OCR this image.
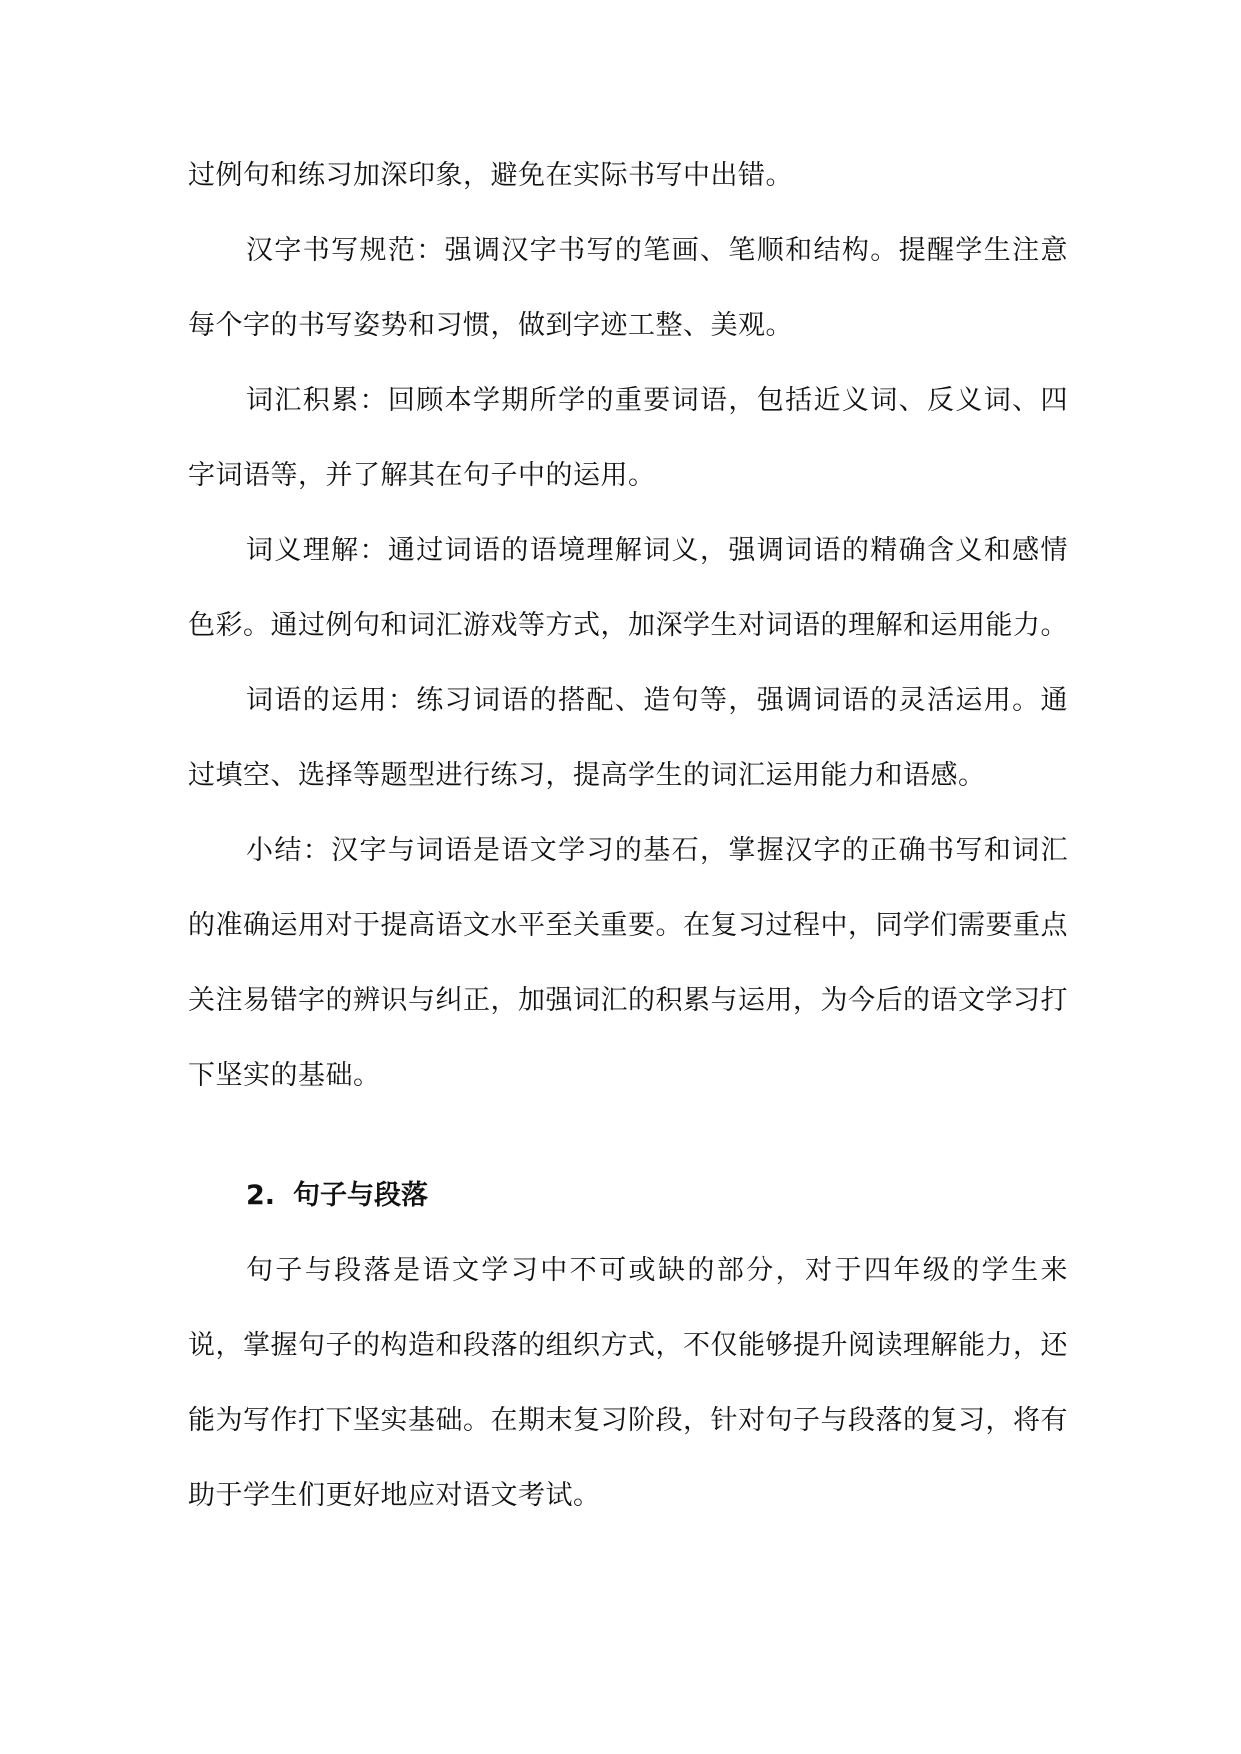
过例句和练习加深印象，避免在实际书写中出错。

汉字书写规范：强调汉字书写的笔画、笔顺和结构。提醒学生注意每个字的书写姿势和习惯，做到字迹工整、美观。

词汇积累：回顾本学期所学的重要词语，包括近义词、反义词、四字词语等，并了解其在句子中的运用。

词义理解：通过词语的语境理解词义，强调词语的精确含义和感情色彩。通过例句和词汇游戏等方式，加深学生对词语的理解和运用能力。

词语的运用：练习词语的搭配、造句等，强调词语的灵活运用。通过填空、选择等题型进行练习，提高学生的词汇运用能力和语感。

小结：汉字与词语是语文学习的基石，掌握汉字的正确书写和词汇的准确运用对于提高语文水平至关重要。在复习过程中，同学们需要重点关注易错字的辨识与纠正，加强词汇的积累与运用，为今后的语文学习打下坚实的基础。

2. 句子与段落

句子与段落是语文学习中不可或缺的部分，对于四年级的学生来说，掌握句子的构造和段落的组织方式，不仅能够提升阅读理解能力，还能为写作打下坚实基础。在期末复习阶段，针对句子与段落的复习，将有助于学生们更好地应对语文考试。
